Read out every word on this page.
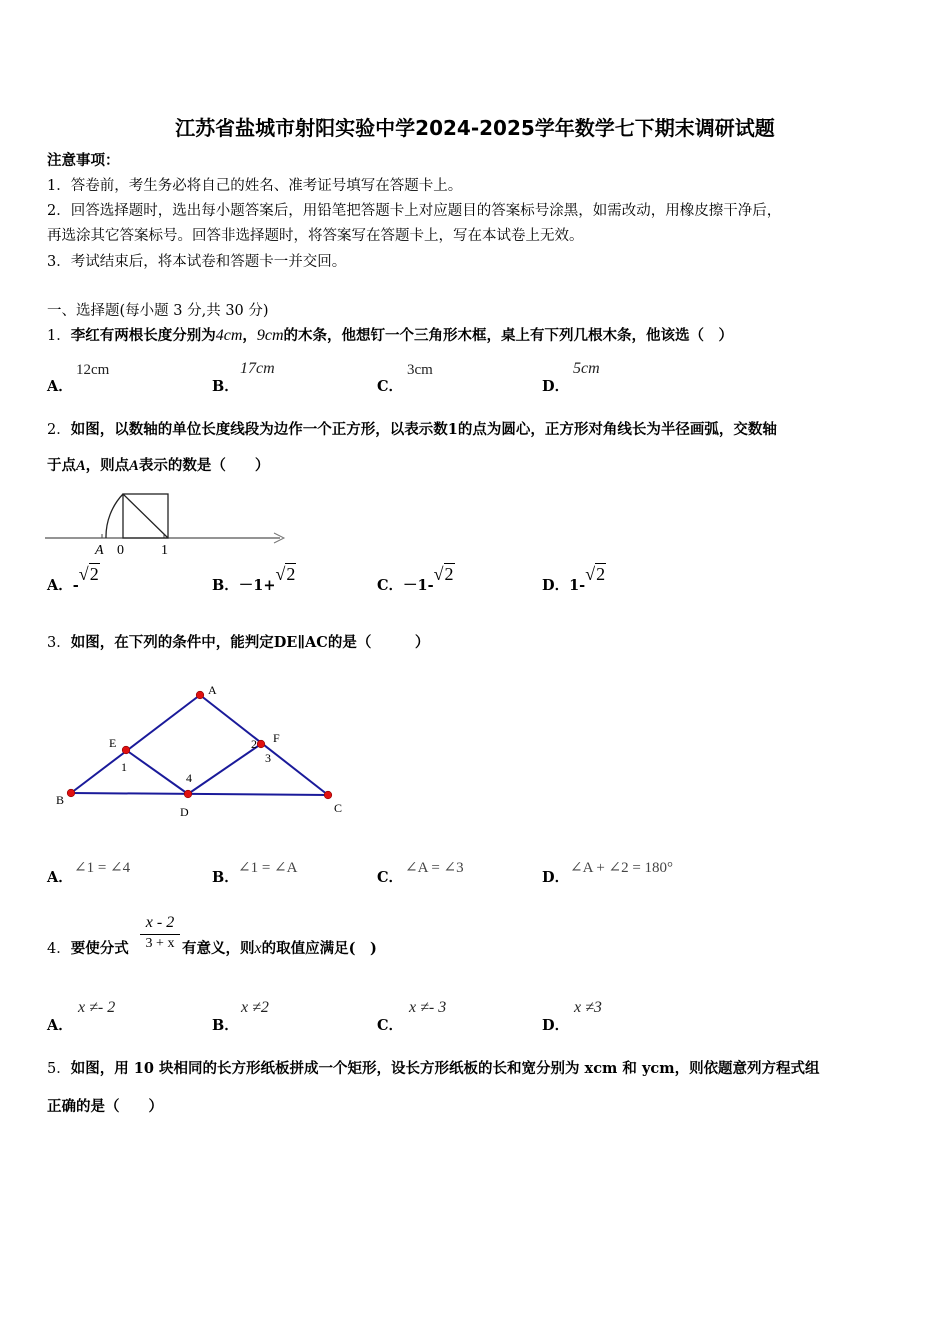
江苏省盐城市射阳实验中学2024-2025学年数学七下期末调研试题
注意事项：
1．答卷前，考生务必将自己的姓名、准考证号填写在答题卡上。
2．回答选择题时，选出每小题答案后，用铅笔把答题卡上对应题目的答案标号涂黑，如需改动，用橡皮擦干净后，
再选涂其它答案标号。回答非选择题时，将答案写在答题卡上，写在本试卷上无效。
3．考试结束后，将本试卷和答题卡一并交回。
一、选择题(每小题 3 分,共 30 分)
1．李红有两根长度分别为4cm，9cm的木条，他想钉一个三角形木框，桌上有下列几根木条，他该选（　）
A．
12cm
B．
17cm
C．
3cm
D．
5cm
2．如图，以数轴的单位长度线段为边作一个正方形，以表示数1的点为圆心，正方形对角线长为半径画弧，交数轴
于点A，则点A表示的数是（　　）
A 0	1
A．-√2
B．－1+√2
C．－1-√2
D．1-√2
3．如图，在下列的条件中，能判定DE∥AC的是（　　　）
A
B
C
D
E	F
1
2
3
4
A．
∠1 = ∠4
B．
∠1 = ∠A
C．
∠A = ∠3
D．
∠A + ∠2 = 180°
4．要使分式 $\frac{x - 2}{3 + x}$ 有意义，则x的取值应满足(　)
A．
x ≠- 2
B．
x ≠2
C．
x ≠- 3
D．
x ≠3
5．如图，用 10 块相同的长方形纸板拼成一个矩形，设长方形纸板的长和宽分别为 xcm 和 ycm，则依题意列方程式组
正确的是（　　）
